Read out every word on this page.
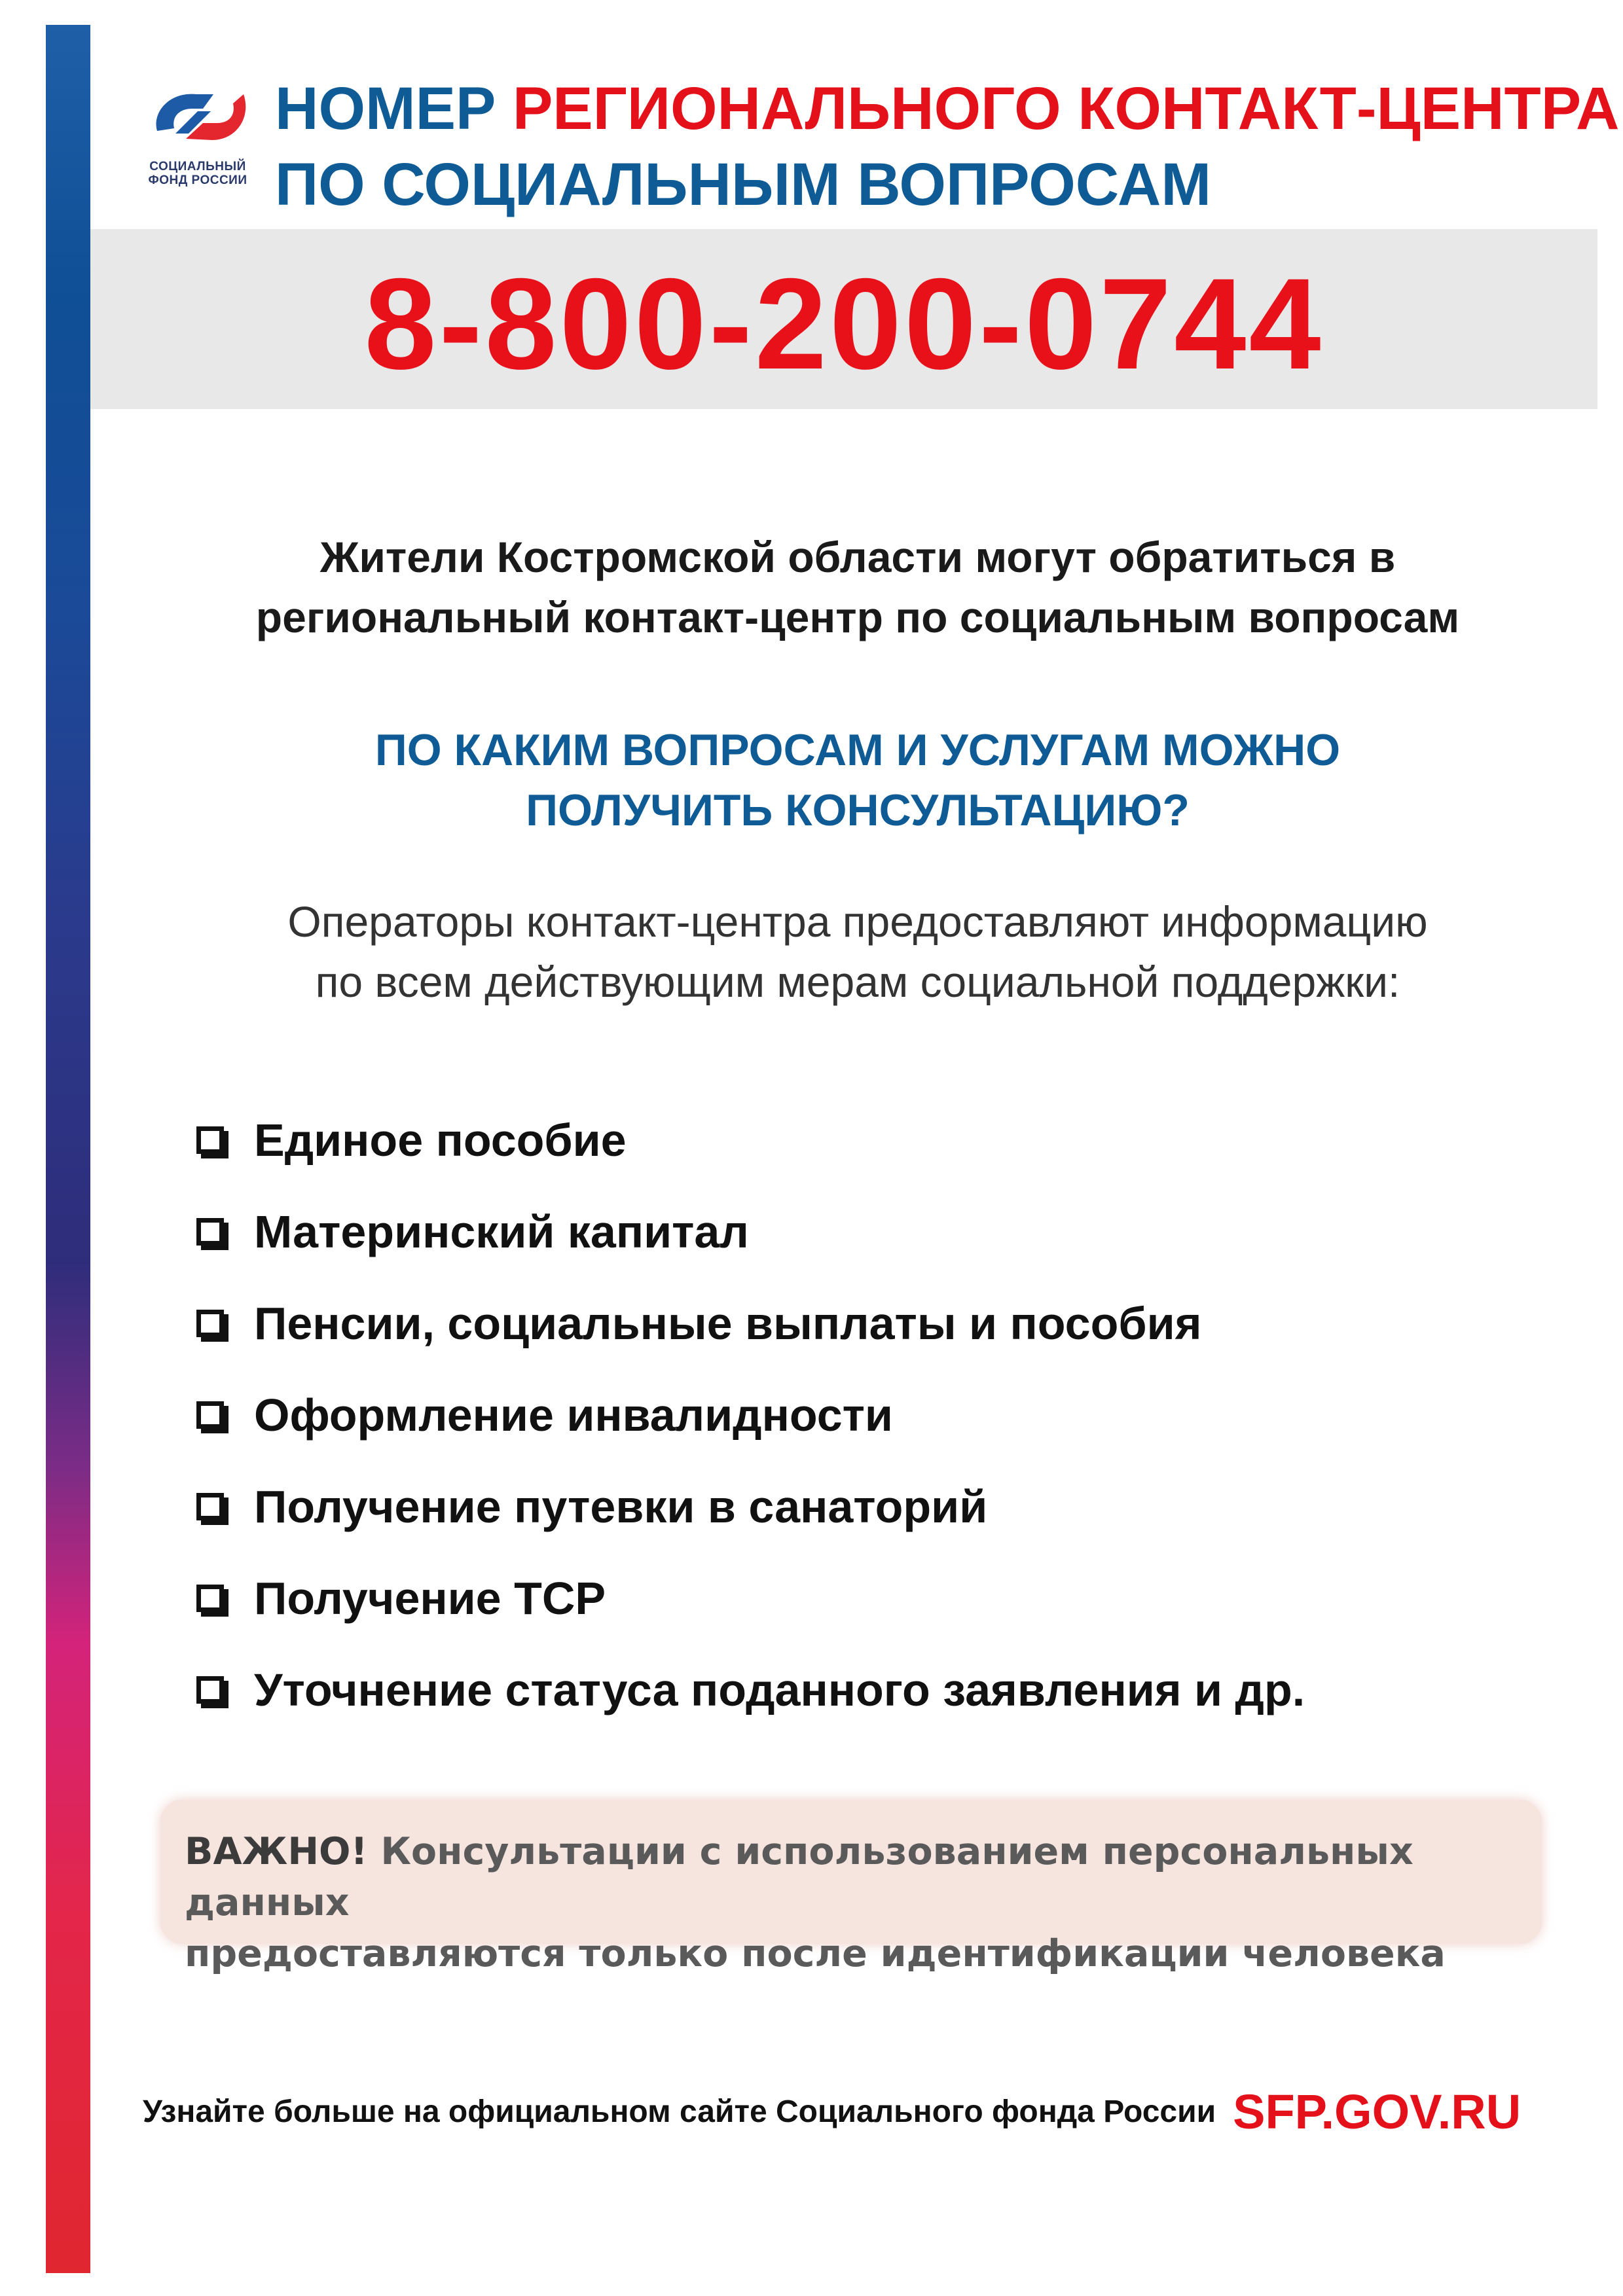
СОЦИАЛЬНЫЙ
ФОНД РОССИИ
НОМЕР РЕГИОНАЛЬНОГО КОНТАКТ-ЦЕНТРА
ПО СОЦИАЛЬНЫМ ВОПРОСАМ
8-800-200-0744
Жители Костромской области могут обратиться в
региональный контакт-центр по социальным вопросам
ПО КАКИМ ВОПРОСАМ И УСЛУГАМ МОЖНО
ПОЛУЧИТЬ КОНСУЛЬТАЦИЮ?
Операторы контакт-центра предоставляют информацию
по всем действующим мерам социальной поддержки:
Единое пособие
Материнский капитал
Пенсии, социальные выплаты и пособия
Оформление инвалидности
Получение путевки в санаторий
Получение ТСР
Уточнение статуса поданного заявления и др.
ВАЖНО! Консультации с использованием персональных данных
предоставляются только после идентификации человека
Узнайте больше на официальном сайте Социального фонда России SFP.GOV.RU
